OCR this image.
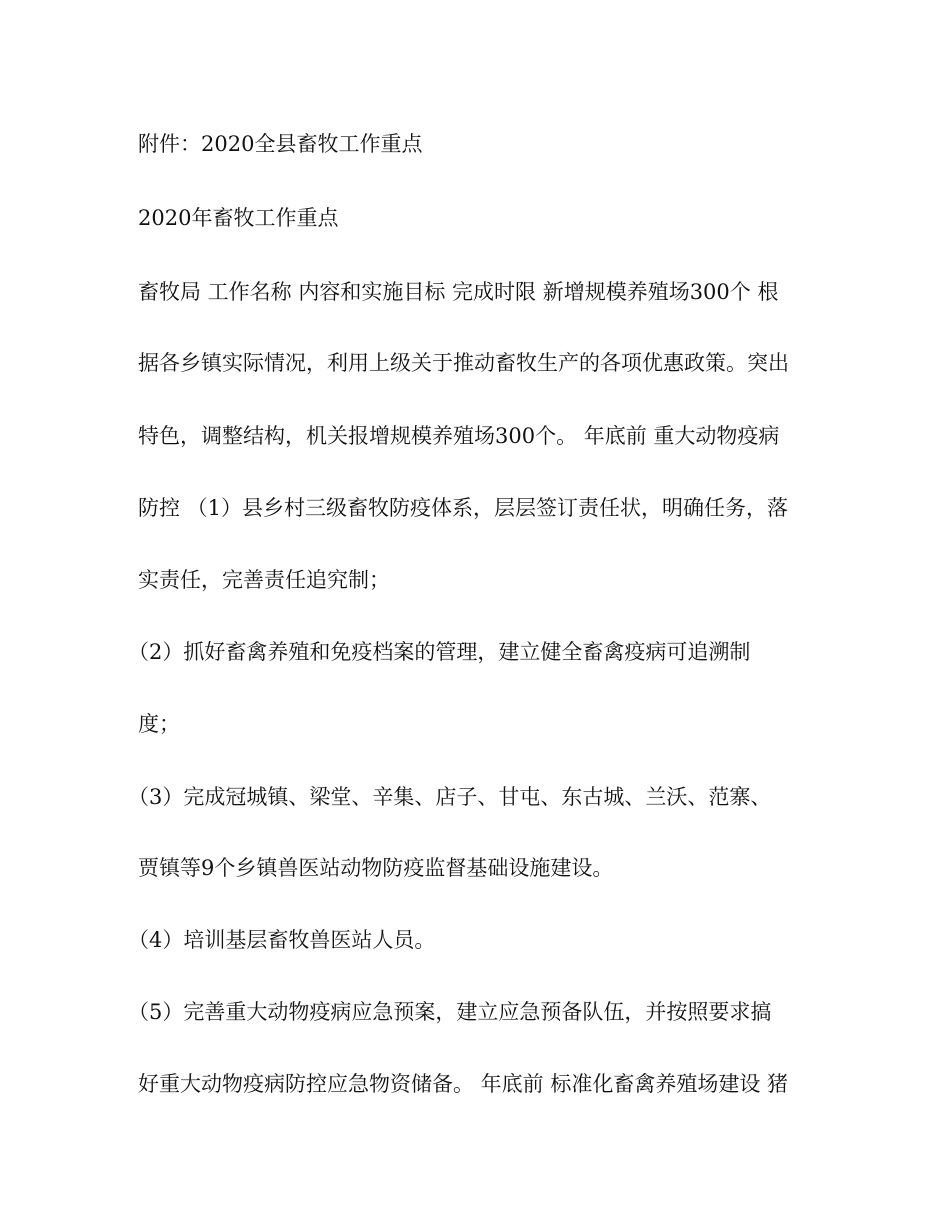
附件：2020全县畜牧工作重点
2020年畜牧工作重点
畜牧局 工作名称 内容和实施目标 完成时限 新增规模养殖场300个 根
据各乡镇实际情况，利用上级关于推动畜牧生产的各项优惠政策。突出
特色，调整结构，机关报增规模养殖场300个。 年底前 重大动物疫病
防控 （1）县乡村三级畜牧防疫体系，层层签订责任状，明确任务，落
实责任，完善责任追究制；
（2）抓好畜禽养殖和免疫档案的管理，建立健全畜禽疫病可追溯制
度；
（3）完成冠城镇、梁堂、辛集、店子、甘屯、东古城、兰沃、范寨、
贾镇等9个乡镇兽医站动物防疫监督基础设施建设。
（4）培训基层畜牧兽医站人员。
（5）完善重大动物疫病应急预案，建立应急预备队伍，并按照要求搞
好重大动物疫病防控应急物资储备。 年底前 标准化畜禽养殖场建设 猪
